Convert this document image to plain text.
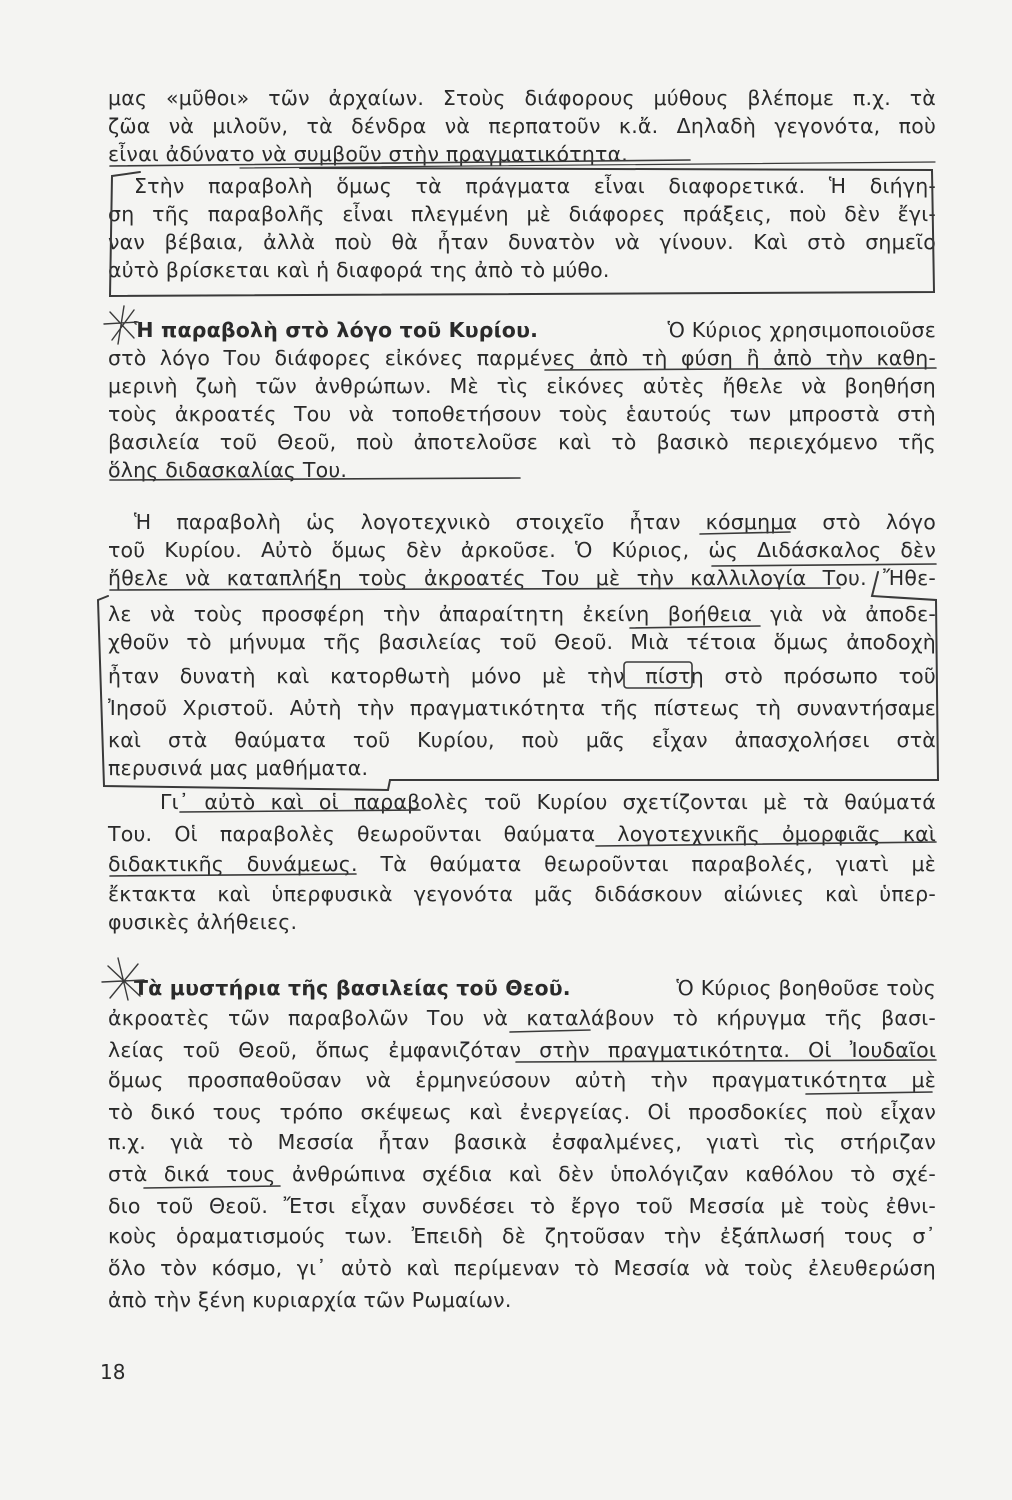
μας «μῦθοι» τῶν ἀρχαίων. Στοὺς διάφορους μύθους βλέπομε π.χ. τὰ
ζῶα νὰ μιλοῦν, τὰ δένδρα νὰ περπατοῦν κ.ἄ. Δηλαδὴ γεγονότα, ποὺ
εἶναι ἀδύνατο νὰ συμβοῦν στὴν πραγματικότητα.
Στὴν παραβολὴ ὅμως τὰ πράγματα εἶναι διαφορετικά. Ἡ διήγη-
ση τῆς παραβολῆς εἶναι πλεγμένη μὲ διάφορες πράξεις, ποὺ δὲν ἔγι-
ναν βέβαια, ἀλλὰ ποὺ θὰ ἦταν δυνατὸν νὰ γίνουν. Καὶ στὸ σημεῖο
αὐτὸ βρίσκεται καὶ ἡ διαφορά της ἀπὸ τὸ μύθο.
Ἡ παραβολὴ στὸ λόγο τοῦ Κυρίου.	Ὁ Κύριος χρησιμοποιοῦσε
στὸ λόγο Του διάφορες εἰκόνες παρμένες ἀπὸ τὴ φύση ἢ ἀπὸ τὴν καθη-
μερινὴ ζωὴ τῶν ἀνθρώπων. Μὲ τὶς εἰκόνες αὐτὲς ἤθελε νὰ βοηθήση
τοὺς ἀκροατές Του νὰ τοποθετήσουν τοὺς ἑαυτούς των μπροστὰ στὴ
βασιλεία τοῦ Θεοῦ, ποὺ ἀποτελοῦσε καὶ τὸ βασικὸ περιεχόμενο τῆς
ὅλης διδασκαλίας Του.
Ἡ παραβολὴ ὡς λογοτεχνικὸ στοιχεῖο ἦταν κόσμημα στὸ λόγο
τοῦ Κυρίου. Αὐτὸ ὅμως δὲν ἀρκοῦσε. Ὁ Κύριος, ὡς Διδάσκαλος δὲν
ἤθελε νὰ καταπλήξη τοὺς ἀκροατές Του μὲ τὴν καλλιλογία Του. Ἤθε-
λε νὰ τοὺς προσφέρη τὴν ἀπαραίτητη ἐκείνη βοήθεια γιὰ νὰ ἀποδε-
χθοῦν τὸ μήνυμα τῆς βασιλείας τοῦ Θεοῦ. Μιὰ τέτοια ὅμως ἀποδοχὴ
ἦταν δυνατὴ καὶ κατορθωτὴ μόνο μὲ τὴν πίστη στὸ πρόσωπο τοῦ
Ἰησοῦ Χριστοῦ. Αὐτὴ τὴν πραγματικότητα τῆς πίστεως τὴ συναντήσαμε
καὶ στὰ θαύματα τοῦ Κυρίου, ποὺ μᾶς εἶχαν ἀπασχολήσει στὰ
περυσινά μας μαθήματα.
Γι᾿ αὐτὸ καὶ οἱ παραβολὲς τοῦ Κυρίου σχετίζονται μὲ τὰ θαύματά
Του. Οἱ παραβολὲς θεωροῦνται θαύματα λογοτεχνικῆς ὀμορφιᾶς καὶ
διδακτικῆς δυνάμεως. Τὰ θαύματα θεωροῦνται παραβολές, γιατὶ μὲ
ἔκτακτα καὶ ὑπερφυσικὰ γεγονότα μᾶς διδάσκουν αἰώνιες καὶ ὑπερ-
φυσικὲς ἀλήθειες.
Τὰ μυστήρια τῆς βασιλείας τοῦ Θεοῦ.	Ὁ Κύριος βοηθοῦσε τοὺς
ἀκροατὲς τῶν παραβολῶν Του νὰ καταλάβουν τὸ κήρυγμα τῆς βασι-
λείας τοῦ Θεοῦ, ὅπως ἐμφανιζόταν στὴν πραγματικότητα. Οἱ Ἰουδαῖοι
ὅμως προσπαθοῦσαν νὰ ἑρμηνεύσουν αὐτὴ τὴν πραγματικότητα μὲ
τὸ δικό τους τρόπο σκέψεως καὶ ἐνεργείας. Οἱ προσδοκίες ποὺ εἶχαν
π.χ. γιὰ τὸ Μεσσία ἦταν βασικὰ ἐσφαλμένες, γιατὶ τὶς στήριζαν
στὰ δικά τους ἀνθρώπινα σχέδια καὶ δὲν ὑπολόγιζαν καθόλου τὸ σχέ-
διο τοῦ Θεοῦ. Ἔτσι εἶχαν συνδέσει τὸ ἔργο τοῦ Μεσσία μὲ τοὺς ἐθνι-
κοὺς ὁραματισμούς των. Ἐπειδὴ δὲ ζητοῦσαν τὴν ἐξάπλωσή τους σ᾿
ὅλο τὸν κόσμο, γι᾿ αὐτὸ καὶ περίμεναν τὸ Μεσσία νὰ τοὺς ἐλευθερώση
ἀπὸ τὴν ξένη κυριαρχία τῶν Ρωμαίων.
18
